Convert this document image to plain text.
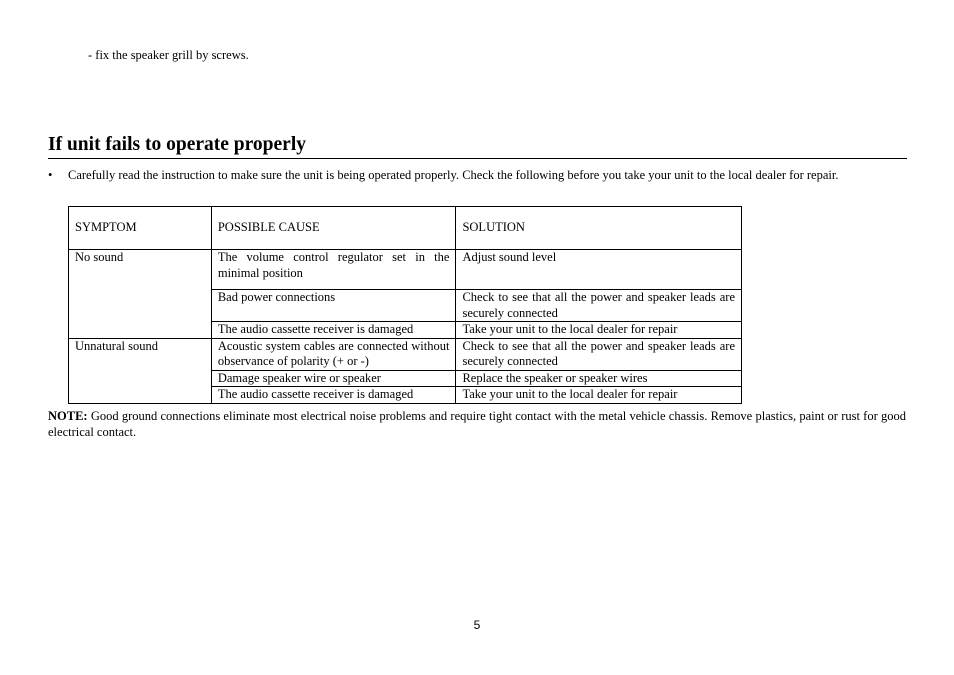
- fix the speaker grill by screws.
If unit fails to operate properly
• Carefully read the instruction to make sure the unit is being operated properly. Check the following before you take your unit to the local dealer for repair.
SYMPTOM	POSSIBLE CAUSE	SOLUTION
No sound	The volume control regulator set in the minimal position	Adjust sound level
	Bad power connections	Check to see that all the power and speaker leads are securely connected
	The audio cassette receiver is damaged	Take your unit to the local dealer for repair
Unnatural sound	Acoustic system cables are connected without observance of polarity (+ or -)	Check to see that all the power and speaker leads are securely connected
	Damage speaker wire or speaker	Replace the speaker or speaker wires
	The audio cassette receiver is damaged	Take your unit to the local dealer for repair
NOTE: Good ground connections eliminate most electrical noise problems and require tight contact with the metal vehicle chassis. Remove plastics, paint or rust for good electrical contact.
5
